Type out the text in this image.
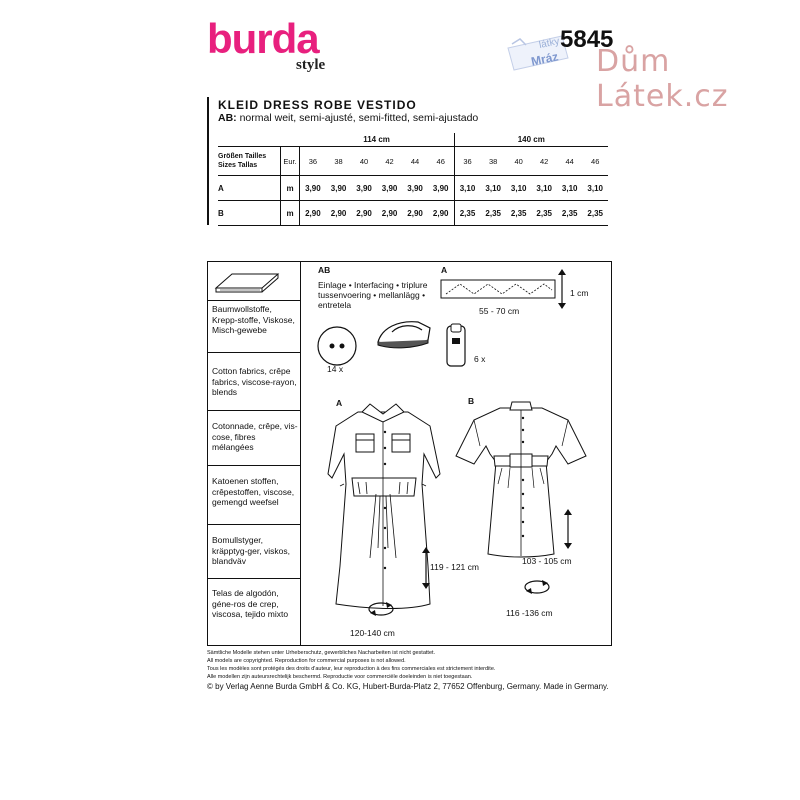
burda
style
látky
Mráz
5845
Dům Látek.cz
KLEID DRESS ROBE VESTIDO
AB: normal weit, semi-ajusté, semi-fitted, semi-ajustado
		114 cm						140 cm					
Größen Tailles
Sizes Tallas	Eur.	36	38	40	42	44	46	36	38	40	42	44	46
A	m	3,90	3,90	3,90	3,90	3,90	3,90	3,10	3,10	3,10	3,10	3,10	3,10
B	m	2,90	2,90	2,90	2,90	2,90	2,90	2,35	2,35	2,35	2,35	2,35	2,35
Baumwollstoffe, Krepp-stoffe, Viskose, Misch-gewebe
Cotton fabrics, crêpe fabrics, viscose-rayon, blends
Cotonnade, crêpe, vis-cose, fibres mélangées
Katoenen stoffen, crêpestoffen, viscose, gemengd weefsel
Bomullstyger, kräpptyg-ger, viskos, blandväv
Telas de algodón, géne-ros de crep, viscosa, tejido mixto
AB
Einlage • Interfacing • triplure
tussenvoering • mellanlägg •
entretela
A
1 cm
55 - 70 cm
14 x
6 x
A
119 - 121 cm
120-140 cm
B
103 - 105 cm
116 -136 cm
Sämtliche Modelle stehen unter Urheberschutz, gewerbliches Nacharbeiten ist nicht gestattet.
All models are copyrighted. Reproduction for commercial purposes is not allowed.
Tous les modèles sont protégés des droits d'auteur, leur reproduction à des fins commerciales est strictement interdite.
Alle modellen zijn auteursrechtelijk beschermd. Reproductie voor commerciële doeleinden is niet toegestaan.
© by Verlag Aenne Burda GmbH & Co. KG, Hubert-Burda-Platz 2, 77652 Offenburg, Germany. Made in Germany.
